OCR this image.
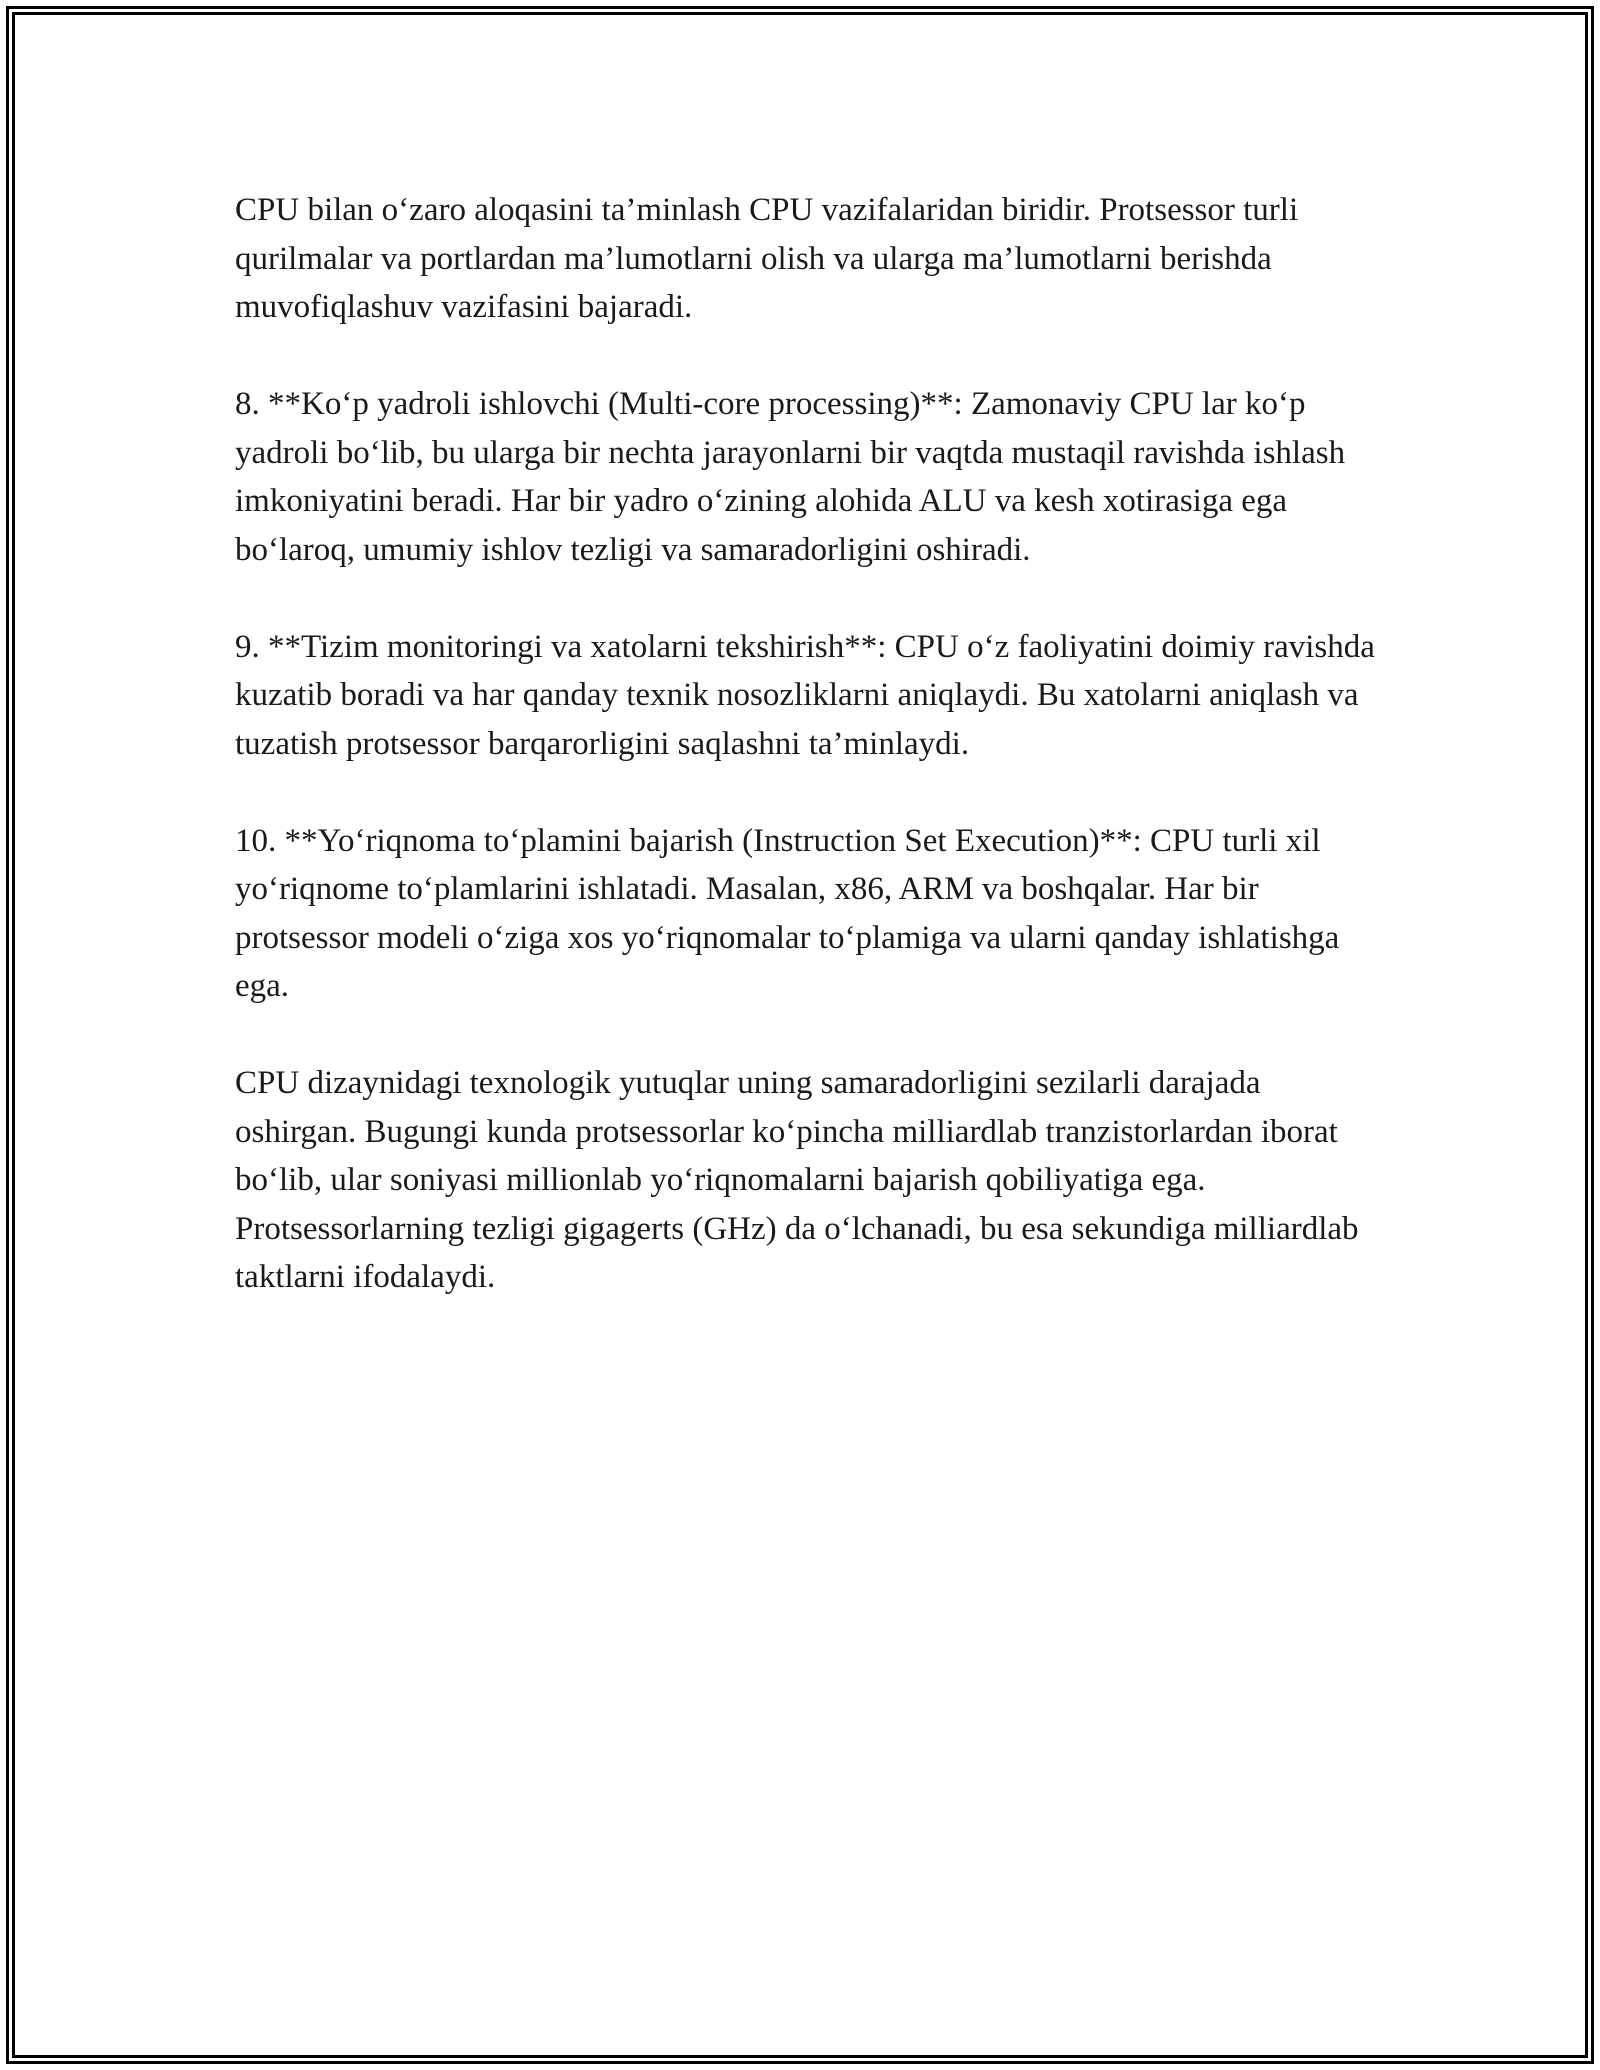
CPU bilan o‘zaro aloqasini ta’minlash CPU vazifalaridan biridir. Protsessor turli qurilmalar va portlardan ma’lumotlarni olish va ularga ma’lumotlarni berishda muvofiqlashuv vazifasini bajaradi.

8. **Ko‘p yadroli ishlovchi (Multi-core processing)**: Zamonaviy CPU lar ko‘p yadroli bo‘lib, bu ularga bir nechta jarayonlarni bir vaqtda mustaqil ravishda ishlash imkoniyatini beradi. Har bir yadro o‘zining alohida ALU va kesh xotirasiga ega bo‘laroq, umumiy ishlov tezligi va samaradorligini oshiradi.

9. **Tizim monitoringi va xatolarni tekshirish**: CPU o‘z faoliyatini doimiy ravishda kuzatib boradi va har qanday texnik nosozliklarni aniqlaydi. Bu xatolarni aniqlash va tuzatish protsessor barqarorligini saqlashni ta’minlaydi.

10. **Yo‘riqnoma to‘plamini bajarish (Instruction Set Execution)**: CPU turli xil yo‘riqnome to‘plamlarini ishlatadi. Masalan, x86, ARM va boshqalar. Har bir protsessor modeli o‘ziga xos yo‘riqnomalar to‘plamiga va ularni qanday ishlatishga ega.

CPU dizaynidagi texnologik yutuqlar uning samaradorligini sezilarli darajada oshirgan. Bugungi kunda protsessorlar ko‘pincha milliardlab tranzistorlardan iborat bo‘lib, ular soniyasi millionlab yo‘riqnomalarni bajarish qobiliyatiga ega. Protsessorlarning tezligi gigagerts (GHz) da o‘lchanadi, bu esa sekundiga milliardlab taktlarni ifodalaydi.
